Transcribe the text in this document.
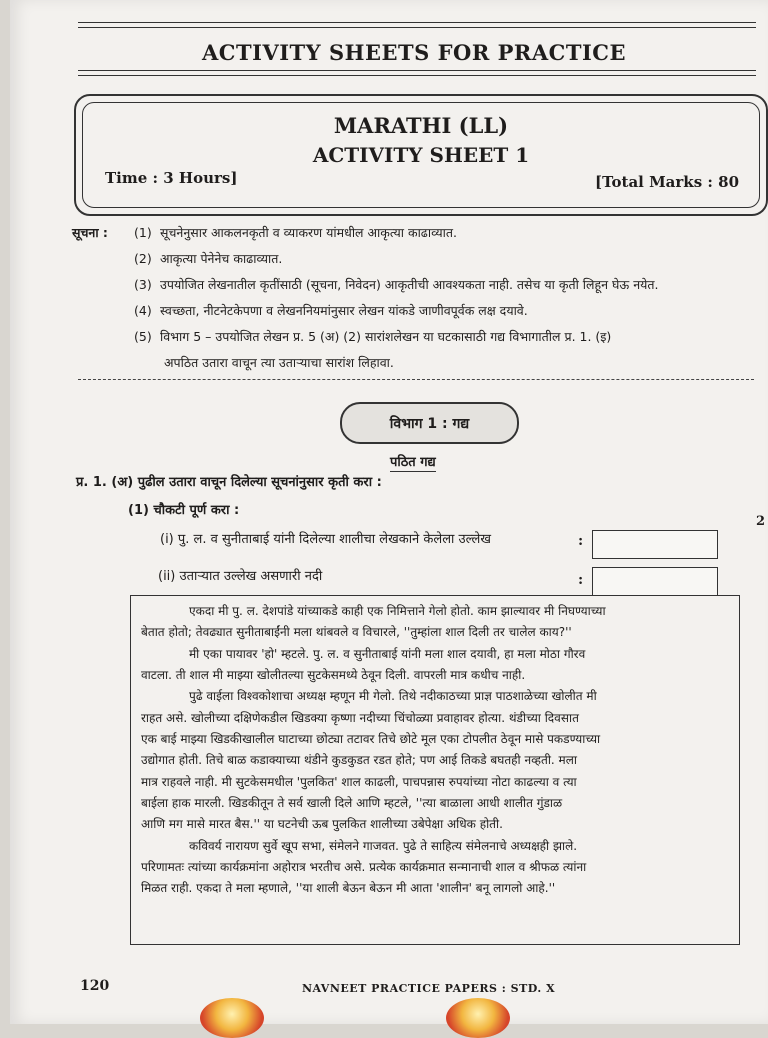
ACTIVITY SHEETS FOR PRACTICE
MARATHI (LL)
ACTIVITY SHEET 1
Time : 3 Hours]	[Total Marks : 80
सूचना : (1) सूचनेनुसार आकलनकृती व व्याकरण यांमधील आकृत्या काढाव्यात.
(2) आकृत्या पेनेनेच काढाव्यात.
(3) उपयोजित लेखनातील कृतींसाठी (सूचना, निवेदन) आकृतीची आवश्यकता नाही. तसेच या कृती लिहून घेऊ नयेत.
(4) स्वच्छता, नीटनेटकेपणा व लेखननियमांनुसार लेखन यांकडे जाणीवपूर्वक लक्ष दयावे.
(5) विभाग 5 – उपयोजित लेखन प्र. 5 (अ) (2) सारांशलेखन या घटकासाठी गद्य विभागातील प्र. 1. (इ)
अपठित उतारा वाचून त्या उताऱ्याचा सारांश लिहावा.
विभाग 1 : गद्य
पठित गद्य
प्र. 1. (अ) पुढील उतारा वाचून दिलेल्या सूचनांनुसार कृती करा :
(1) चौकटी पूर्ण करा :
2
(i) पु. ल. व सुनीताबाई यांनी दिलेल्या शालीचा लेखकाने केलेला उल्लेख	:
(ii) उताऱ्यात उल्लेख असणारी नदी	:
एकदा मी पु. ल. देशपांडे यांच्याकडे काही एक निमित्ताने गेलो होतो. काम झाल्यावर मी निघण्याच्या
बेतात होतो; तेवढ्यात सुनीताबाईंनी मला थांबवले व विचारले, ''तुम्हांला शाल दिली तर चालेल काय?''
मी एका पायावर 'हो' म्हटले. पु. ल. व सुनीताबाई यांनी मला शाल दयावी, हा मला मोठा गौरव
वाटला. ती शाल मी माझ्या खोलीतल्या सुटकेसमध्ये ठेवून दिली. वापरली मात्र कधीच नाही.
पुढे वाईला विश्वकोशाचा अध्यक्ष म्हणून मी गेलो. तिथे नदीकाठच्या प्राज्ञ पाठशाळेच्या खोलीत मी
राहत असे. खोलीच्या दक्षिणेकडील खिडक्या कृष्णा नदीच्या चिंचोळ्या प्रवाहावर होत्या. थंडीच्या दिवसात
एक बाई माझ्या खिडकीखालील घाटाच्या छोट्या तटावर तिचे छोटे मूल एका टोपलीत ठेवून मासे पकडण्याच्या
उद्योगात होती. तिचे बाळ कडाक्याच्या थंडीने कुडकुडत रडत होते; पण आई तिकडे बघतही नव्हती. मला
मात्र राहवले नाही. मी सुटकेसमधील 'पुलकित' शाल काढली, पाचपन्नास रुपयांच्या नोटा काढल्या व त्या
बाईला हाक मारली. खिडकीतून ते सर्व खाली दिले आणि म्हटले, ''त्या बाळाला आधी शालीत गुंडाळ
आणि मग मासे मारत बैस.'' या घटनेची ऊब पुलकित शालीच्या उबेपेक्षा अधिक होती.
कविवर्य नारायण सुर्वे खूप सभा, संमेलने गाजवत. पुढे ते साहित्य संमेलनाचे अध्यक्षही झाले.
परिणामतः त्यांच्या कार्यक्रमांना अहोरात्र भरतीच असे. प्रत्येक कार्यक्रमात सन्मानाची शाल व श्रीफळ त्यांना
मिळत राही. एकदा ते मला म्हणाले, ''या शाली बेऊन बेऊन मी आता 'शालीन' बनू लागलो आहे.''
120	NAVNEET PRACTICE PAPERS : STD. X
